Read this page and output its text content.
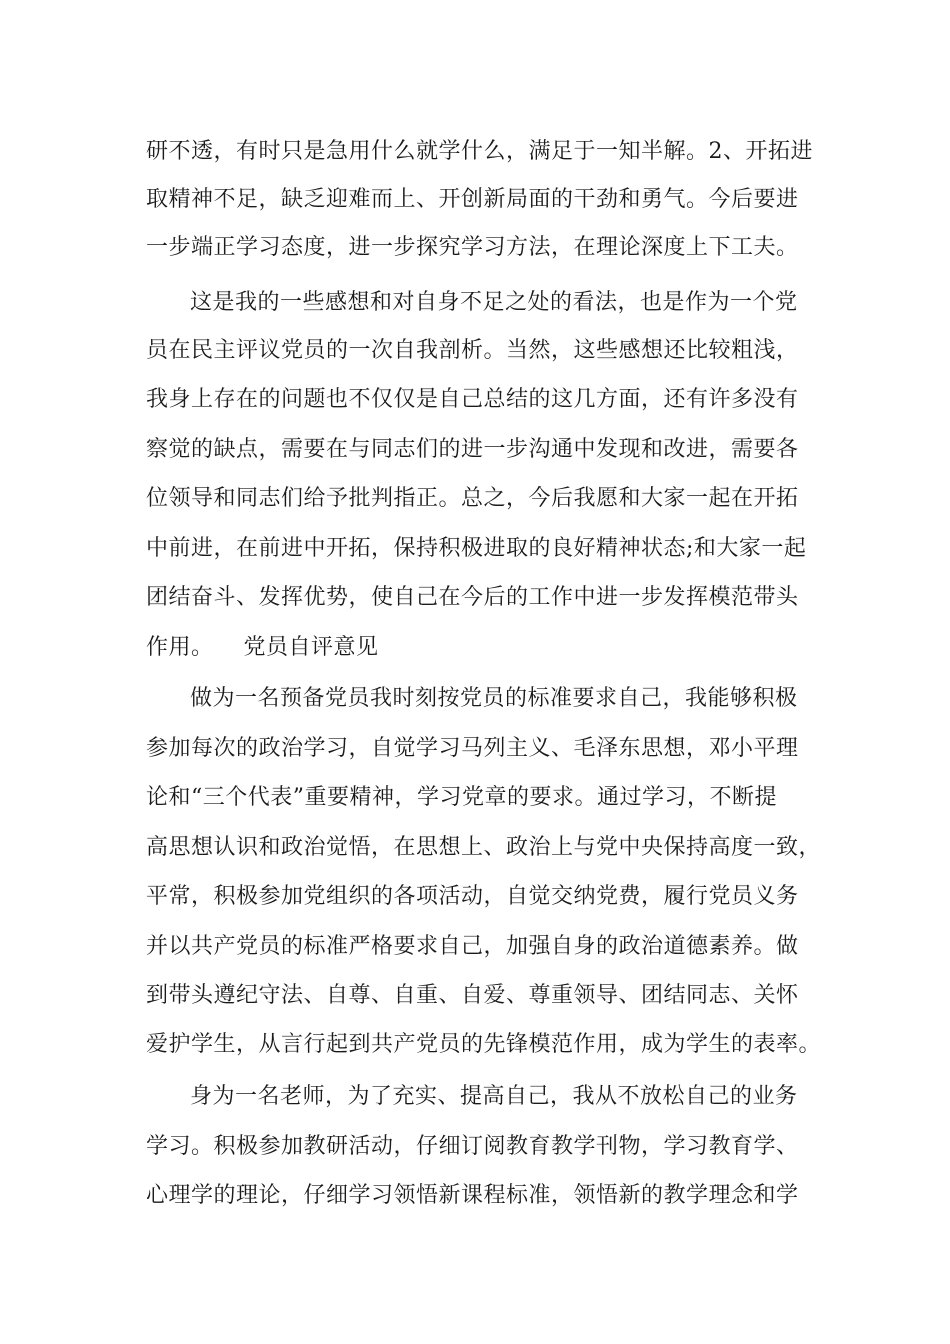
研不透，有时只是急用什么就学什么，满足于一知半解。2、开拓进
取精神不足，缺乏迎难而上、开创新局面的干劲和勇气。今后要进
一步端正学习态度，进一步探究学习方法，在理论深度上下工夫。
这是我的一些感想和对自身不足之处的看法，也是作为一个党
员在民主评议党员的一次自我剖析。当然，这些感想还比较粗浅，
我身上存在的问题也不仅仅是自己总结的这几方面，还有许多没有
察觉的缺点，需要在与同志们的进一步沟通中发现和改进，需要各
位领导和同志们给予批判指正。总之，今后我愿和大家一起在开拓
中前进，在前进中开拓，保持积极进取的良好精神状态;和大家一起
团结奋斗、发挥优势，使自己在今后的工作中进一步发挥模范带头
作用。    党员自评意见
做为一名预备党员我时刻按党员的标准要求自己，我能够积极
参加每次的政治学习，自觉学习马列主义、毛泽东思想，邓小平理
论和“三个代表”重要精神，学习党章的要求。通过学习，不断提
高思想认识和政治觉悟，在思想上、政治上与党中央保持高度一致，
平常，积极参加党组织的各项活动，自觉交纳党费，履行党员义务
并以共产党员的标准严格要求自己，加强自身的政治道德素养。做
到带头遵纪守法、自尊、自重、自爱、尊重领导、团结同志、关怀
爱护学生，从言行起到共产党员的先锋模范作用，成为学生的表率。
身为一名老师，为了充实、提高自己，我从不放松自己的业务
学习。积极参加教研活动，仔细订阅教育教学刊物，学习教育学、
心理学的理论，仔细学习领悟新课程标准，领悟新的教学理念和学
